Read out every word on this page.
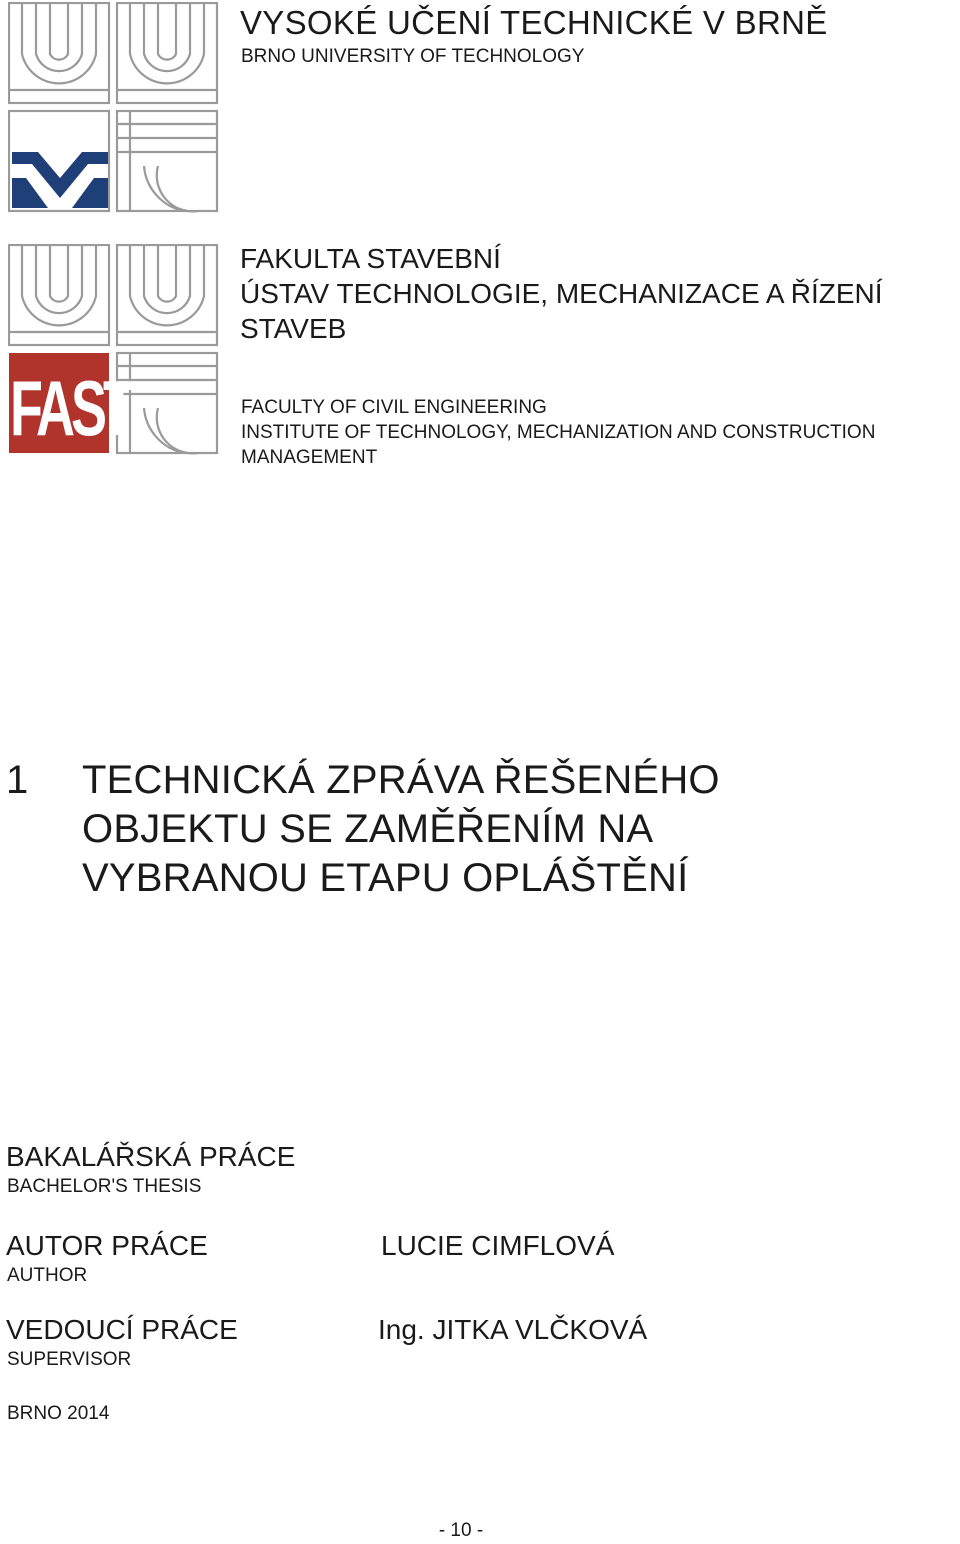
FAST
VYSOKÉ UČENÍ TECHNICKÉ V BRNĚ
BRNO UNIVERSITY OF TECHNOLOGY
FAKULTA STAVEBNÍ
ÚSTAV TECHNOLOGIE, MECHANIZACE A ŘÍZENÍ
STAVEB
FACULTY OF CIVIL ENGINEERING
INSTITUTE OF TECHNOLOGY, MECHANIZATION AND CONSTRUCTION
MANAGEMENT
1 TECHNICKÁ ZPRÁVA ŘEŠENÉHO
OBJEKTU SE ZAMĚŘENÍM NA
VYBRANOU ETAPU OPLÁŠTĚNÍ
BAKALÁŘSKÁ PRÁCE
BACHELOR'S THESIS
AUTOR PRÁCE
AUTHOR
LUCIE CIMFLOVÁ
VEDOUCÍ PRÁCE
SUPERVISOR
Ing. JITKA VLČKOVÁ
BRNO 2014
- 10 -
